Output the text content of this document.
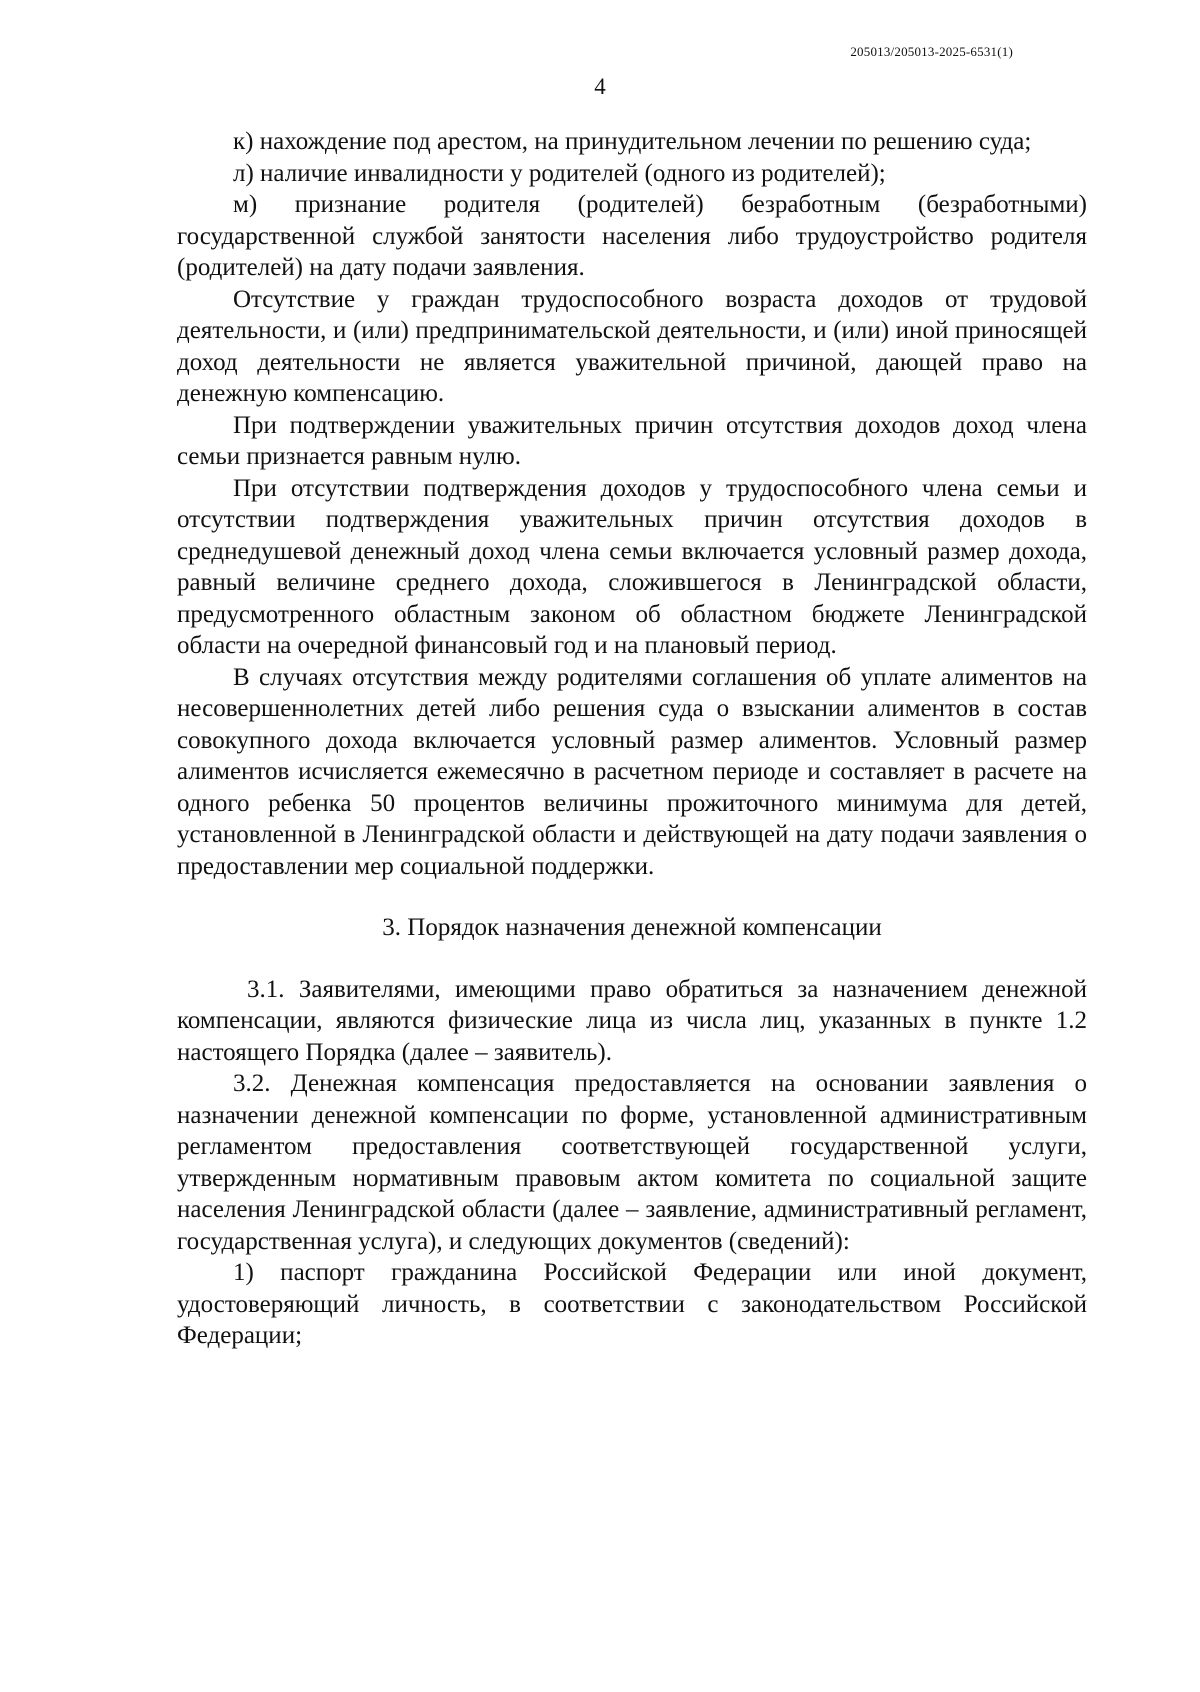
205013/205013-2025-6531(1)
4

к) нахождение под арестом, на принудительном лечении по решению суда;

л) наличие инвалидности у родителей (одного из родителей);

м) признание родителя (родителей) безработным (безработными) государственной службой занятости населения либо трудоустройство родителя (родителей) на дату подачи заявления.

Отсутствие у граждан трудоспособного возраста доходов от трудовой деятельности, и (или) предпринимательской деятельности, и (или) иной приносящей доход деятельности не является уважительной причиной, дающей право на денежную компенсацию.

При подтверждении уважительных причин отсутствия доходов доход члена семьи признается равным нулю.

При отсутствии подтверждения доходов у трудоспособного члена семьи и отсутствии подтверждения уважительных причин отсутствия доходов в среднедушевой денежный доход члена семьи включается условный размер дохода, равный величине среднего дохода, сложившегося в Ленинградской области, предусмотренного областным законом об областном бюджете Ленинградской области на очередной финансовый год и на плановый период.

В случаях отсутствия между родителями соглашения об уплате алиментов на несовершеннолетних детей либо решения суда о взыскании алиментов в состав совокупного дохода включается условный размер алиментов. Условный размер алиментов исчисляется ежемесячно в расчетном периоде и составляет в расчете на одного ребенка 50 процентов величины прожиточного минимума для детей, установленной в Ленинградской области и действующей на дату подачи заявления о предоставлении мер социальной поддержки.

3. Порядок назначения денежной компенсации

3.1. Заявителями, имеющими право обратиться за назначением денежной компенсации, являются физические лица из числа лиц, указанных в пункте 1.2 настоящего Порядка (далее – заявитель).

3.2. Денежная компенсация предоставляется на основании заявления о назначении денежной компенсации по форме, установленной административным регламентом предоставления соответствующей государственной услуги, утвержденным нормативным правовым актом комитета по социальной защите населения Ленинградской области (далее – заявление, административный регламент, государственная услуга), и следующих документов (сведений):

1) паспорт гражданина Российской Федерации или иной документ, удостоверяющий личность, в соответствии с законодательством Российской Федерации;
